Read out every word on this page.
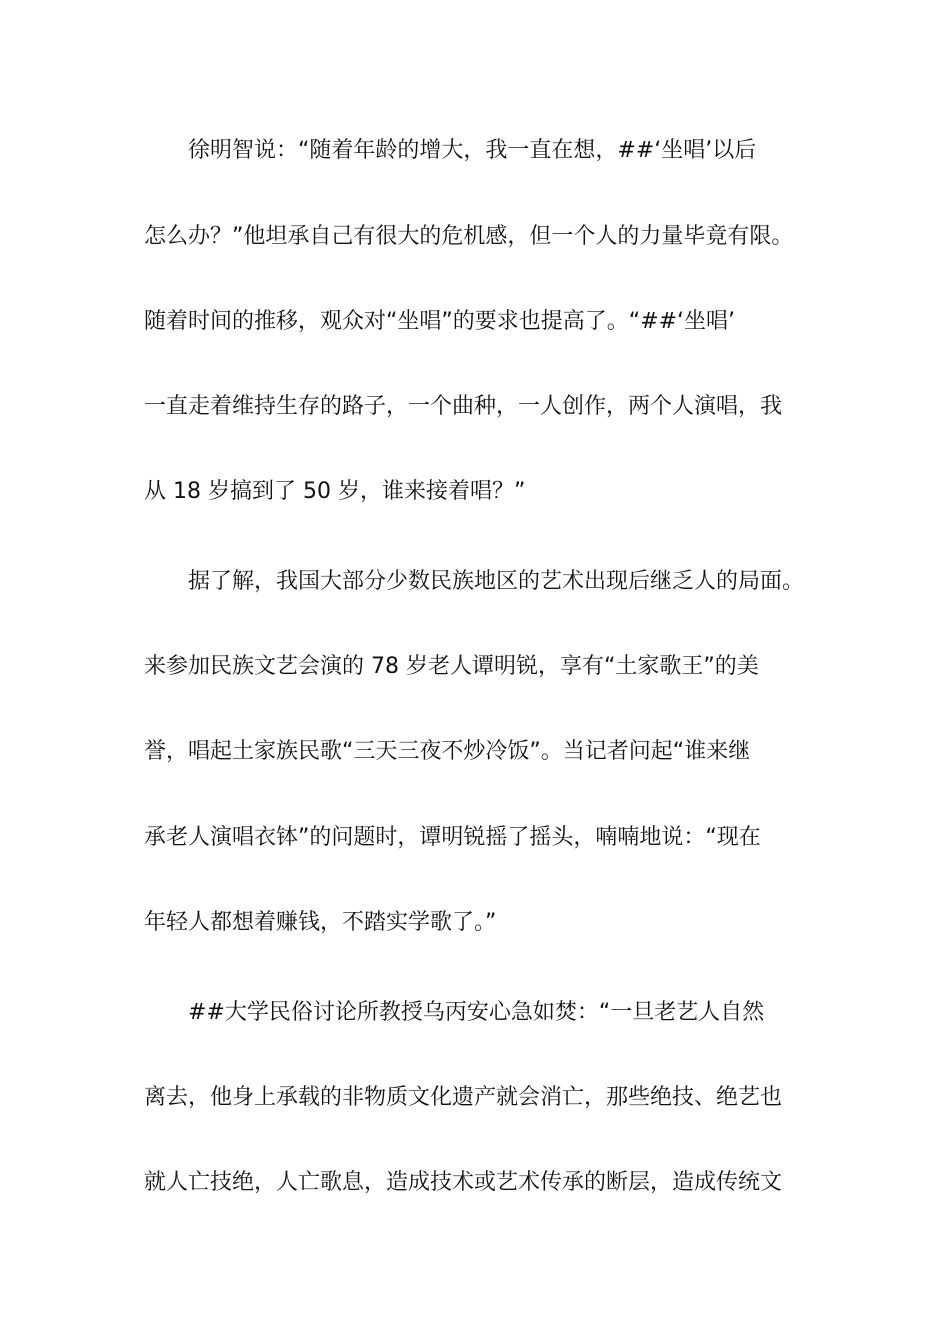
徐明智说：“随着年龄的增大，我一直在想，##‘坐唱’以后
怎么办？”他坦承自己有很大的危机感，但一个人的力量毕竟有限。
随着时间的推移，观众对“坐唱”的要求也提高了。“##‘坐唱’
一直走着维持生存的路子，一个曲种，一人创作，两个人演唱，我
从 18 岁搞到了 50 岁，谁来接着唱？”
据了解，我国大部分少数民族地区的艺术出现后继乏人的局面。
来参加民族文艺会演的 78 岁老人谭明锐，享有“土家歌王”的美
誉，唱起土家族民歌“三天三夜不炒冷饭”。当记者问起“谁来继
承老人演唱衣钵”的问题时，谭明锐摇了摇头，喃喃地说：“现在
年轻人都想着赚钱，不踏实学歌了。”
##大学民俗讨论所教授乌丙安心急如焚：“一旦老艺人自然
离去，他身上承载的非物质文化遗产就会消亡，那些绝技、绝艺也
就人亡技绝，人亡歌息，造成技术或艺术传承的断层，造成传统文
